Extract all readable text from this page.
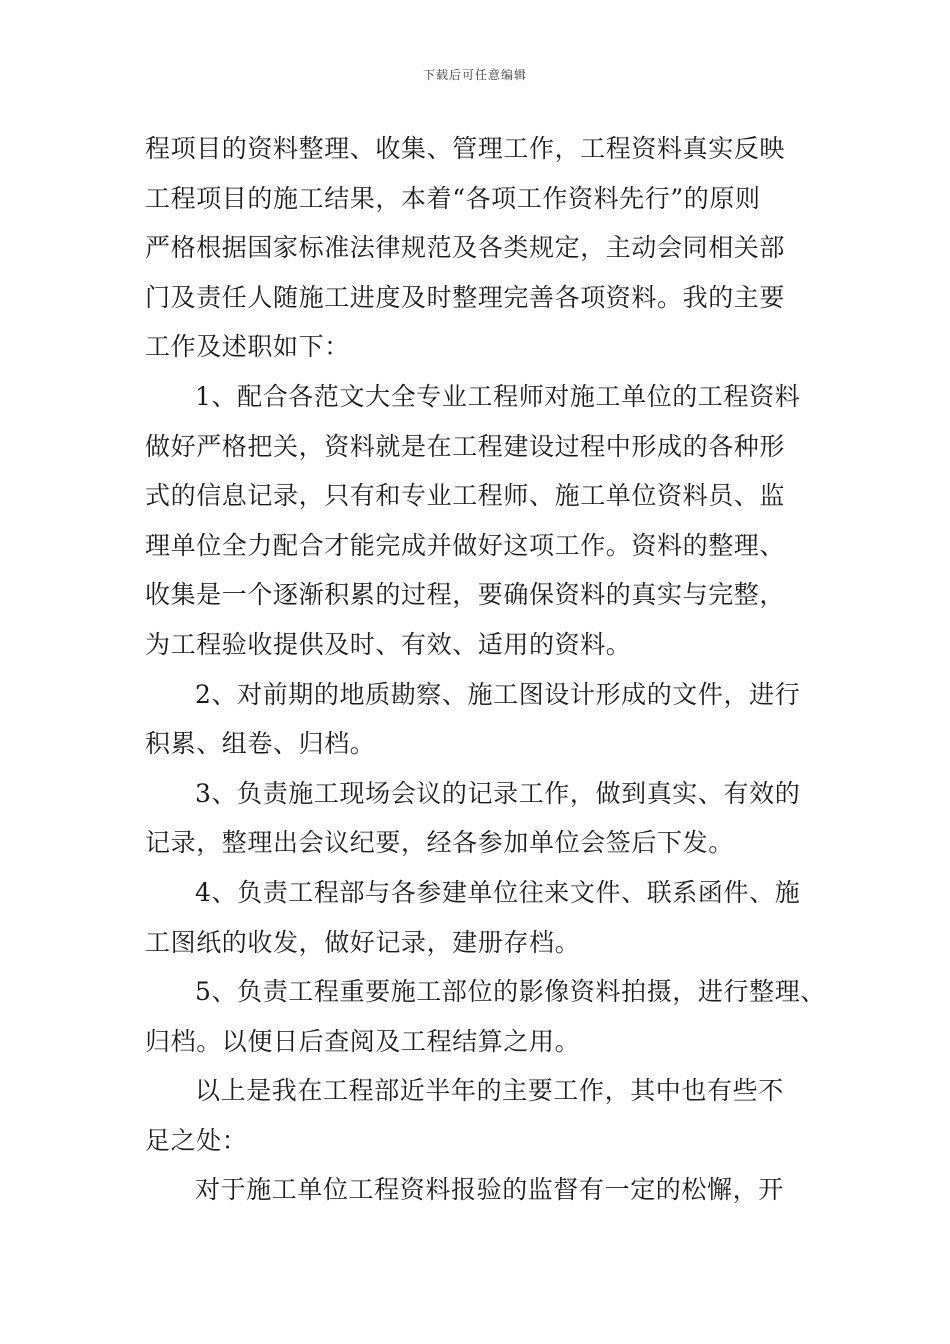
下载后可任意编辑
程项目的资料整理、收集、管理工作，工程资料真实反映
工程项目的施工结果，本着“各项工作资料先行”的原则
严格根据国家标准法律规范及各类规定，主动会同相关部
门及责任人随施工进度及时整理完善各项资料。我的主要
工作及述职如下：
1、配合各范文大全专业工程师对施工单位的工程资料
做好严格把关，资料就是在工程建设过程中形成的各种形
式的信息记录，只有和专业工程师、施工单位资料员、监
理单位全力配合才能完成并做好这项工作。资料的整理、
收集是一个逐渐积累的过程，要确保资料的真实与完整，
为工程验收提供及时、有效、适用的资料。
2、对前期的地质勘察、施工图设计形成的文件，进行
积累、组卷、归档。
3、负责施工现场会议的记录工作，做到真实、有效的
记录，整理出会议纪要，经各参加单位会签后下发。
4、负责工程部与各参建单位往来文件、联系函件、施
工图纸的收发，做好记录，建册存档。
5、负责工程重要施工部位的影像资料拍摄，进行整理、
归档。以便日后查阅及工程结算之用。
以上是我在工程部近半年的主要工作，其中也有些不
足之处：
对于施工单位工程资料报验的监督有一定的松懈，开
